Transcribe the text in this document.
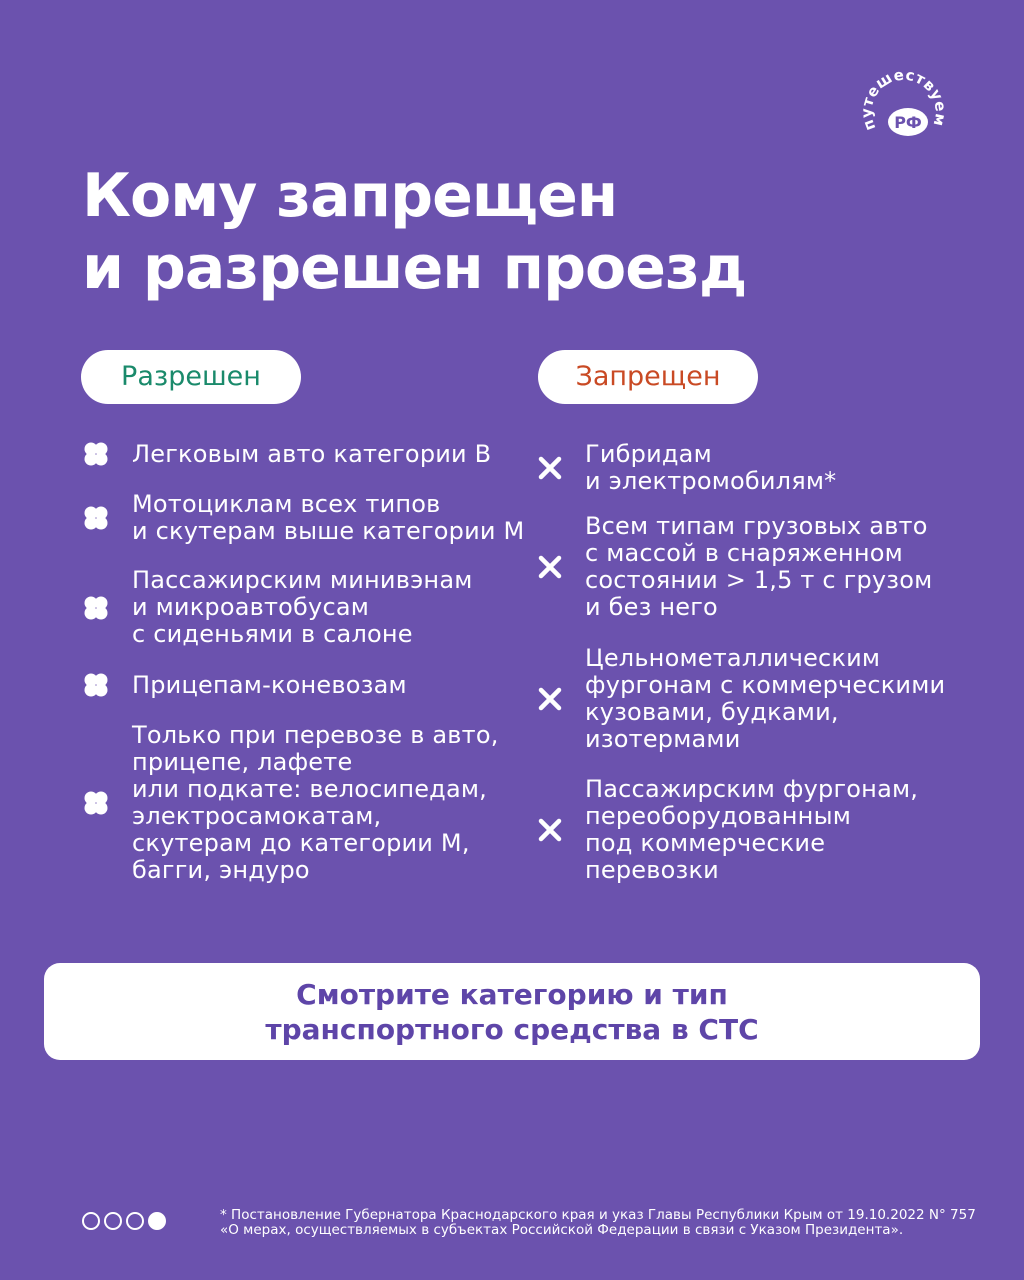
путешествуем
РФ
Кому запрещен
и разрешен проезд
Разрешен	Запрещен
Легковым авто категории В
Мотоциклам всех типов
и скутерам выше категории М
Пассажирским минивэнам
и микроавтобусам
с сиденьями в салоне
Прицепам-коневозам
Только при перевозе в авто,
прицепе, лафете
или подкате: велосипедам,
электросамокатам,
скутерам до категории М,
багги, эндуро
Гибридам
и электромобилям*
Всем типам грузовых авто
с массой в снаряженном
состоянии > 1,5 т с грузом
и без него
Цельнометаллическим
фургонам с коммерческими
кузовами, будками,
изотермами
Пассажирским фургонам,
переоборудованным
под коммерческие
перевозки
Смотрите категорию и тип
транспортного средства в СТС
* Постановление Губернатора Краснодарского края и указ Главы Республики Крым от 19.10.2022 N° 757 «О мерах, осуществляемых в субъектах Российской Федерации в связи с Указом Президента».
